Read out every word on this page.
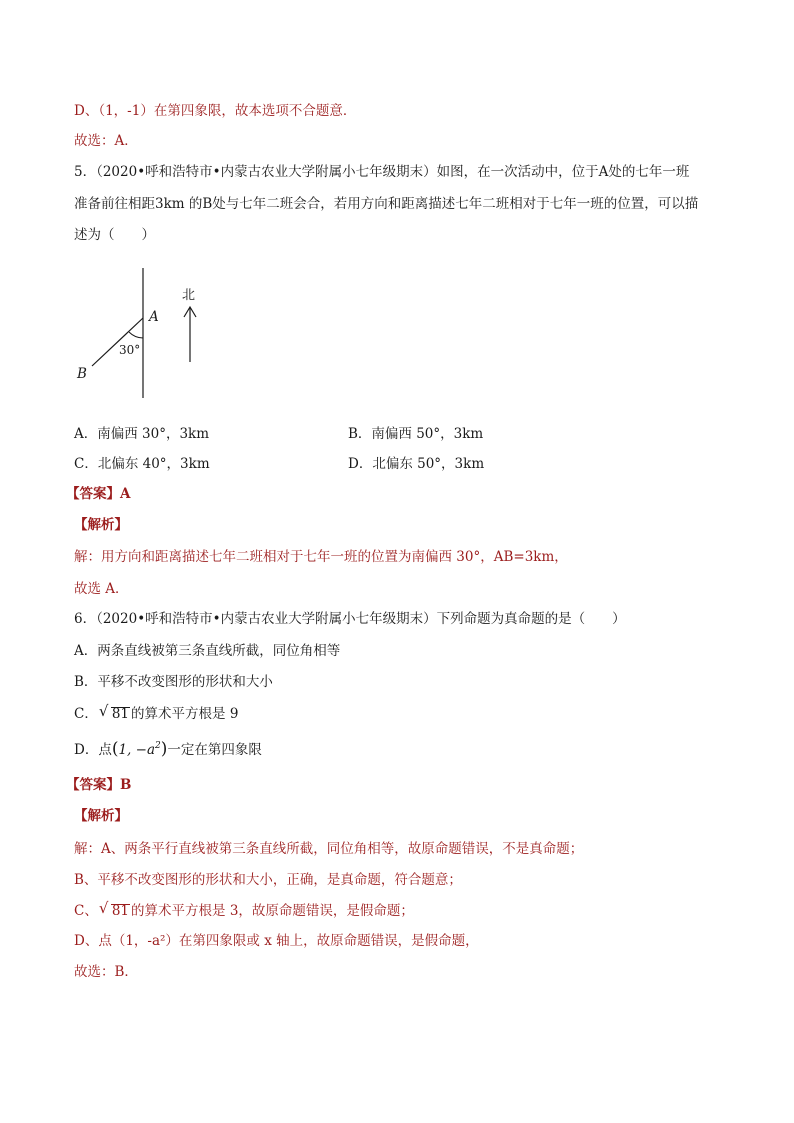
D、（1，-1）在第四象限，故本选项不合题意．
故选：A．
5．（2020•呼和浩特市•内蒙古农业大学附属小七年级期末）如图，在一次活动中，位于A处的七年一班
准备前往相距3km 的B处与七年二班会合，若用方向和距离描述七年二班相对于七年一班的位置，可以描
述为（　　）
北
A
B
30°
A．南偏西 30°，3km	B．南偏西 50°，3km
C．北偏东 40°，3km	D．北偏东 50°，3km
【答案】A
【解析】
解：用方向和距离描述七年二班相对于七年一班的位置为南偏西 30°，AB=3km，
故选 A．
6．（2020•呼和浩特市•内蒙古农业大学附属小七年级期末）下列命题为真命题的是（　　）
A．两条直线被第三条直线所截，同位角相等
B．平移不改变图形的形状和大小
C． √ 81 的算术平方根是 9
D．点(1, $-a^2$)一定在第四象限
【答案】B
【解析】
解：A、两条平行直线被第三条直线所截，同位角相等，故原命题错误，不是真命题；
B、平移不改变图形的形状和大小，正确，是真命题，符合题意；
C、 √ 81 的算术平方根是 3，故原命题错误，是假命题；
D、点（1，-a²）在第四象限或 x 轴上，故原命题错误，是假命题，
故选：B．
